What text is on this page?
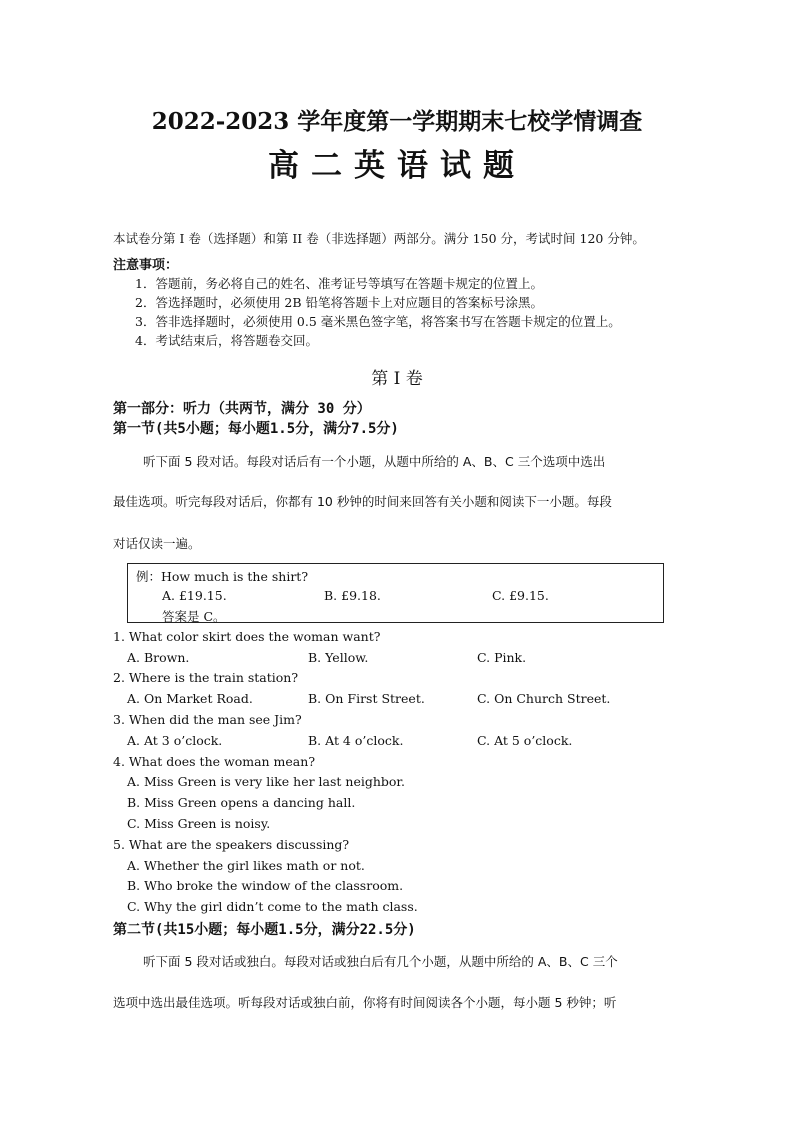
2022-2023 学年度第一学期期末七校学情调查
高二英语试题
本试卷分第 I 卷（选择题）和第 II 卷（非选择题）两部分。满分 150 分，考试时间 120 分钟。
注意事项：
1．答题前，务必将自己的姓名、准考证号等填写在答题卡规定的位置上。
2．答选择题时，必须使用 2B 铅笔将答题卡上对应题目的答案标号涂黑。
3．答非选择题时，必须使用 0.5 毫米黑色签字笔，将答案书写在答题卡规定的位置上。
4．考试结束后，将答题卷交回。
第 I 卷
第一部分：听力（共两节，满分 30 分）
第一节(共5小题；每小题1.5分，满分7.5分)
听下面 5 段对话。每段对话后有一个小题，从题中所给的 A、B、C 三个选项中选出
最佳选项。听完每段对话后，你都有 10 秒钟的时间来回答有关小题和阅读下一小题。每段
对话仅读一遍。
例：How much is the shirt?
A. £19.15.	B. £9.18.	C. £9.15.
答案是 C。
1. What color skirt does the woman want?
A. Brown.	B. Yellow.	C. Pink.
2. Where is the train station?
A. On Market Road.	B. On First Street.	C. On Church Street.
3. When did the man see Jim?
A. At 3 o’clock.	B. At 4 o’clock.	C. At 5 o’clock.
4. What does the woman mean?
A. Miss Green is very like her last neighbor.
B. Miss Green opens a dancing hall.
C. Miss Green is noisy.
5. What are the speakers discussing?
A. Whether the girl likes math or not.
B. Who broke the window of the classroom.
C. Why the girl didn’t come to the math class.
第二节(共15小题；每小题1.5分，满分22.5分)
听下面 5 段对话或独白。每段对话或独白后有几个小题，从题中所给的 A、B、C 三个
选项中选出最佳选项。听每段对话或独白前，你将有时间阅读各个小题，每小题 5 秒钟；听
